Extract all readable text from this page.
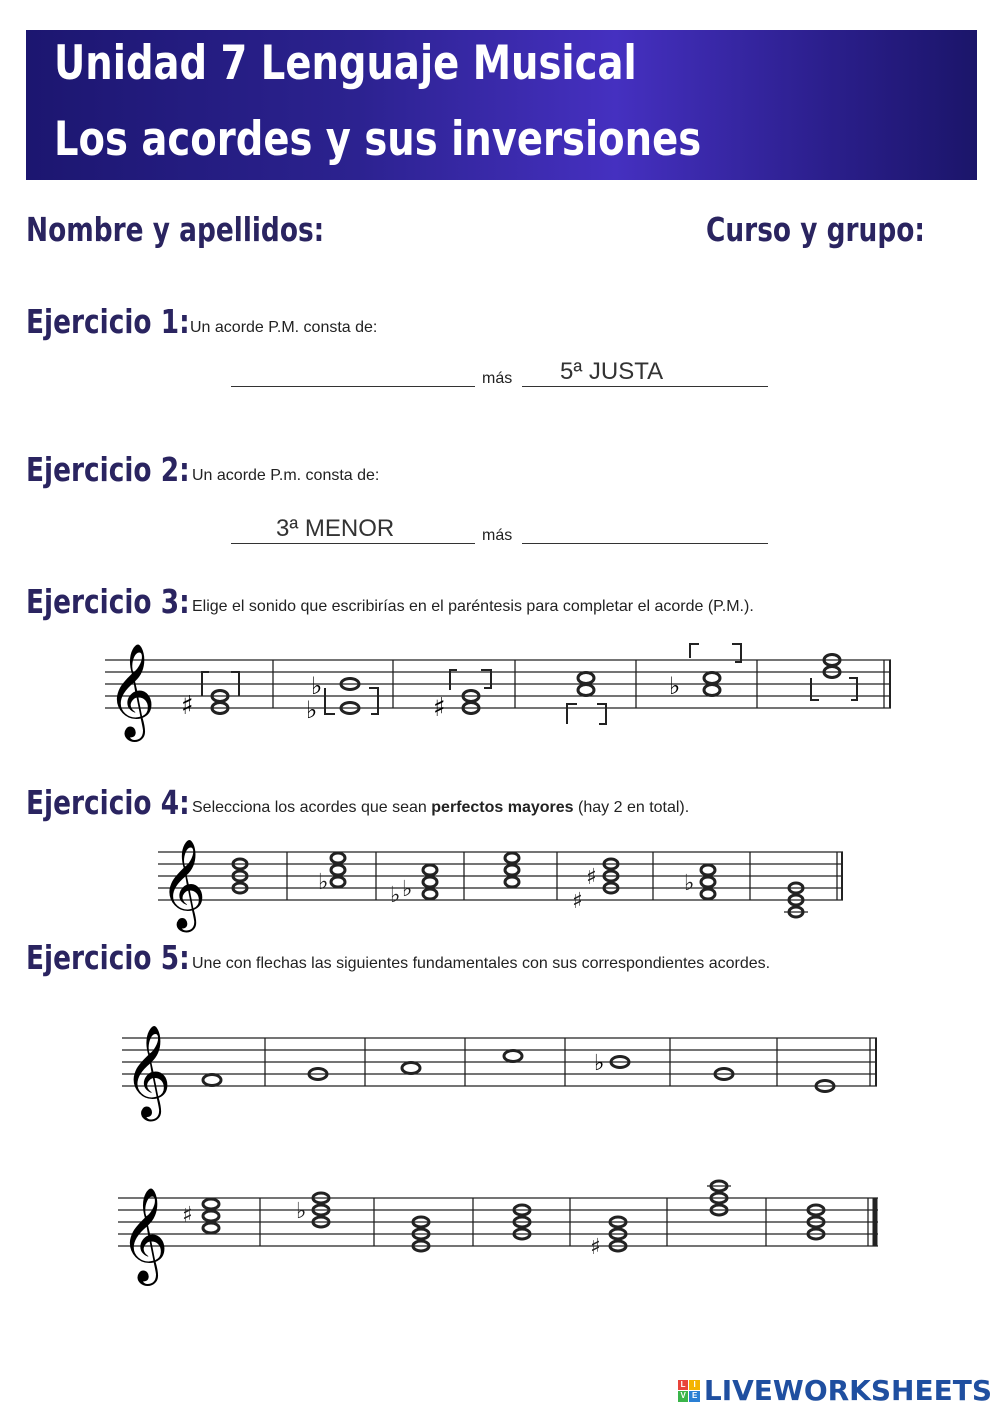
Unidad 7 Lenguaje Musical
Los acordes y sus inversiones
Nombre y apellidos:	Curso y grupo:
Ejercicio 1: Un acorde P.M. consta de:
más 5ª JUSTA
Ejercicio 2: Un acorde P.m. consta de:
3ª MENOR	más
Ejercicio 3: Elige el sonido que escribirías en el paréntesis para completar el acorde (P.M.).
𝄞 ♯
♭
♭	♯
♭
Ejercicio 4: Selecciona los acordes que sean perfectos mayores (hay 2 en total).
𝄞	♭
♭ ♭	♯
♯	♭
Ejercicio 5: Une con flechas las siguientes fundamentales con sus correspondientes acordes.
𝄞	♭
𝄞 ♯	♭
♯
L I
V E LIVEWORKSHEETS
